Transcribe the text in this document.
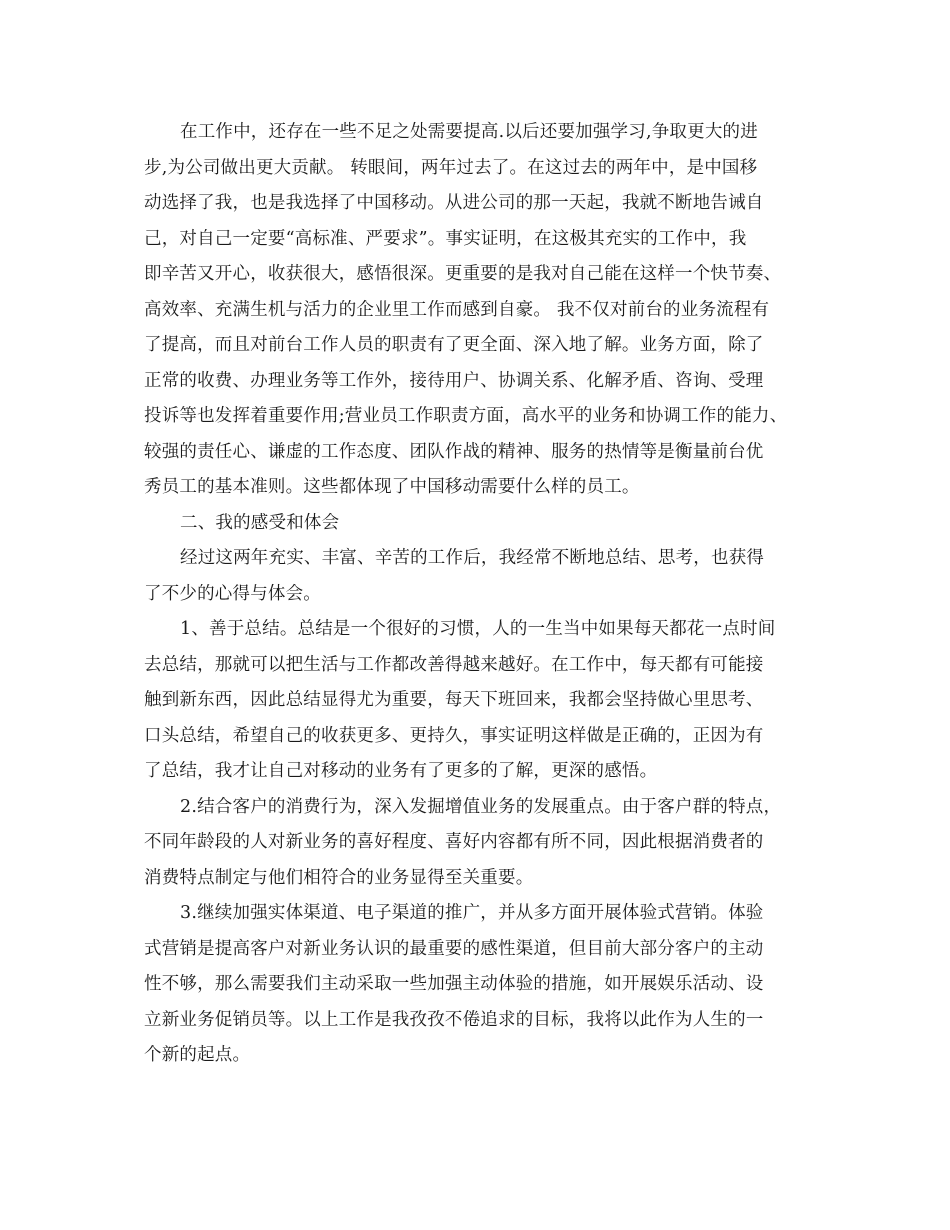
在工作中，还存在一些不足之处需要提高.以后还要加强学习,争取更大的进
步,为公司做出更大贡献。 转眼间，两年过去了。在这过去的两年中，是中国移
动选择了我，也是我选择了中国移动。从进公司的那一天起，我就不断地告诫自
己，对自己一定要“高标准、严要求”。事实证明，在这极其充实的工作中，我
即辛苦又开心，收获很大，感悟很深。更重要的是我对自己能在这样一个快节奏、
高效率、充满生机与活力的企业里工作而感到自豪。 我不仅对前台的业务流程有
了提高，而且对前台工作人员的职责有了更全面、深入地了解。业务方面，除了
正常的收费、办理业务等工作外，接待用户、协调关系、化解矛盾、咨询、受理
投诉等也发挥着重要作用;营业员工作职责方面，高水平的业务和协调工作的能力、
较强的责任心、谦虚的工作态度、团队作战的精神、服务的热情等是衡量前台优
秀员工的基本准则。这些都体现了中国移动需要什么样的员工。
二、我的感受和体会
经过这两年充实、丰富、辛苦的工作后，我经常不断地总结、思考，也获得
了不少的心得与体会。
1、善于总结。总结是一个很好的习惯，人的一生当中如果每天都花一点时间
去总结，那就可以把生活与工作都改善得越来越好。在工作中，每天都有可能接
触到新东西，因此总结显得尤为重要，每天下班回来，我都会坚持做心里思考、
口头总结，希望自己的收获更多、更持久，事实证明这样做是正确的，正因为有
了总结，我才让自己对移动的业务有了更多的了解，更深的感悟。
2.结合客户的消费行为，深入发掘增值业务的发展重点。由于客户群的特点，
不同年龄段的人对新业务的喜好程度、喜好内容都有所不同，因此根据消费者的
消费特点制定与他们相符合的业务显得至关重要。
3.继续加强实体渠道、电子渠道的推广，并从多方面开展体验式营销。体验
式营销是提高客户对新业务认识的最重要的感性渠道，但目前大部分客户的主动
性不够，那么需要我们主动采取一些加强主动体验的措施，如开展娱乐活动、设
立新业务促销员等。以上工作是我孜孜不倦追求的目标，我将以此作为人生的一
个新的起点。
